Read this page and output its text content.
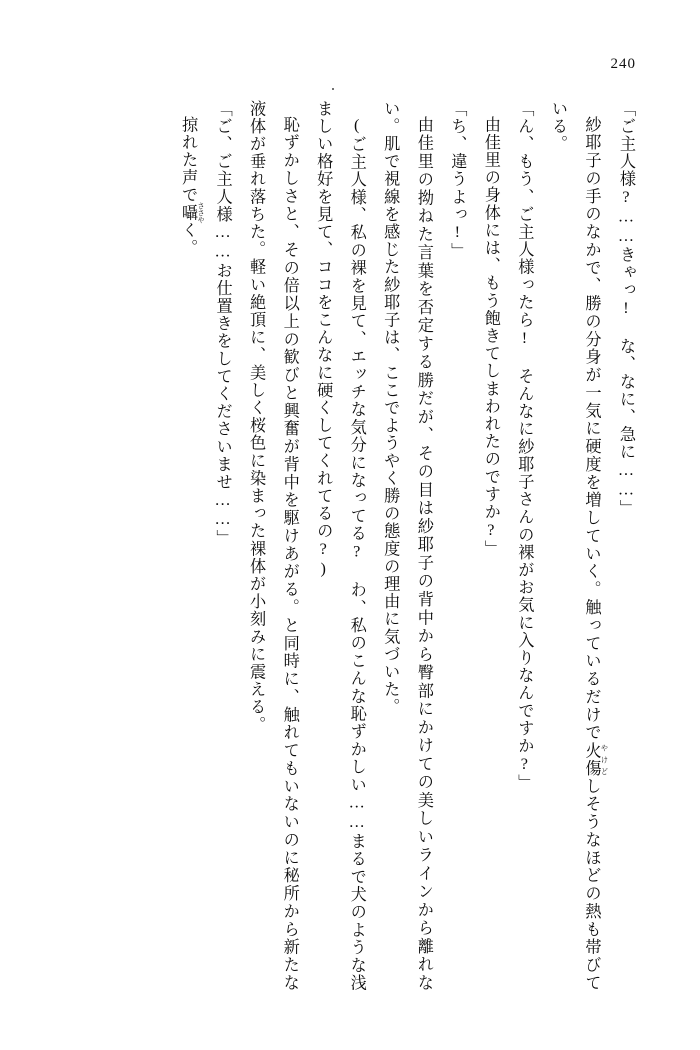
240

「ご主人様?……きゃっ! な、なに、急に……」

紗耶子の手のなかで、勝の分身が一気に硬度を増していく。触っているだけで火傷 やけどしそうなほどの熱も帯びている。

「ん、もう、ご主人様ったら! そんなに紗耶子さんの裸がお気に入りなんですか?」

由佳里の身体には、もう飽きてしまわれたのですか?」

「ち、違うよっ!」

由佳里の拗ねた言葉を否定する勝だが、その目は紗耶子の背中から臀部にかけての美しいラインから離れない。肌で視線を感じた紗耶子は、ここでようやく勝の態度の理由に気づいた。

(ご主人様、私の裸を見て、エッチな気分になってる? わ、私のこんな恥ずかしい……まるで犬のような浅ましい格好を見て、ココをこんなに硬くしてくれてるの?)

恥ずかしさと、その倍以上の歓びと興奮が背中を駆けあがる。と同時に、触れてもいないのに秘所から新たな液体が垂れ落ちた。軽い絶頂に、美しく桜色に染まった裸体が小刻みに震える。

「ご、ご主人様……お仕置きをしてくださいませ……」

掠れた声で囁 ささやく。
